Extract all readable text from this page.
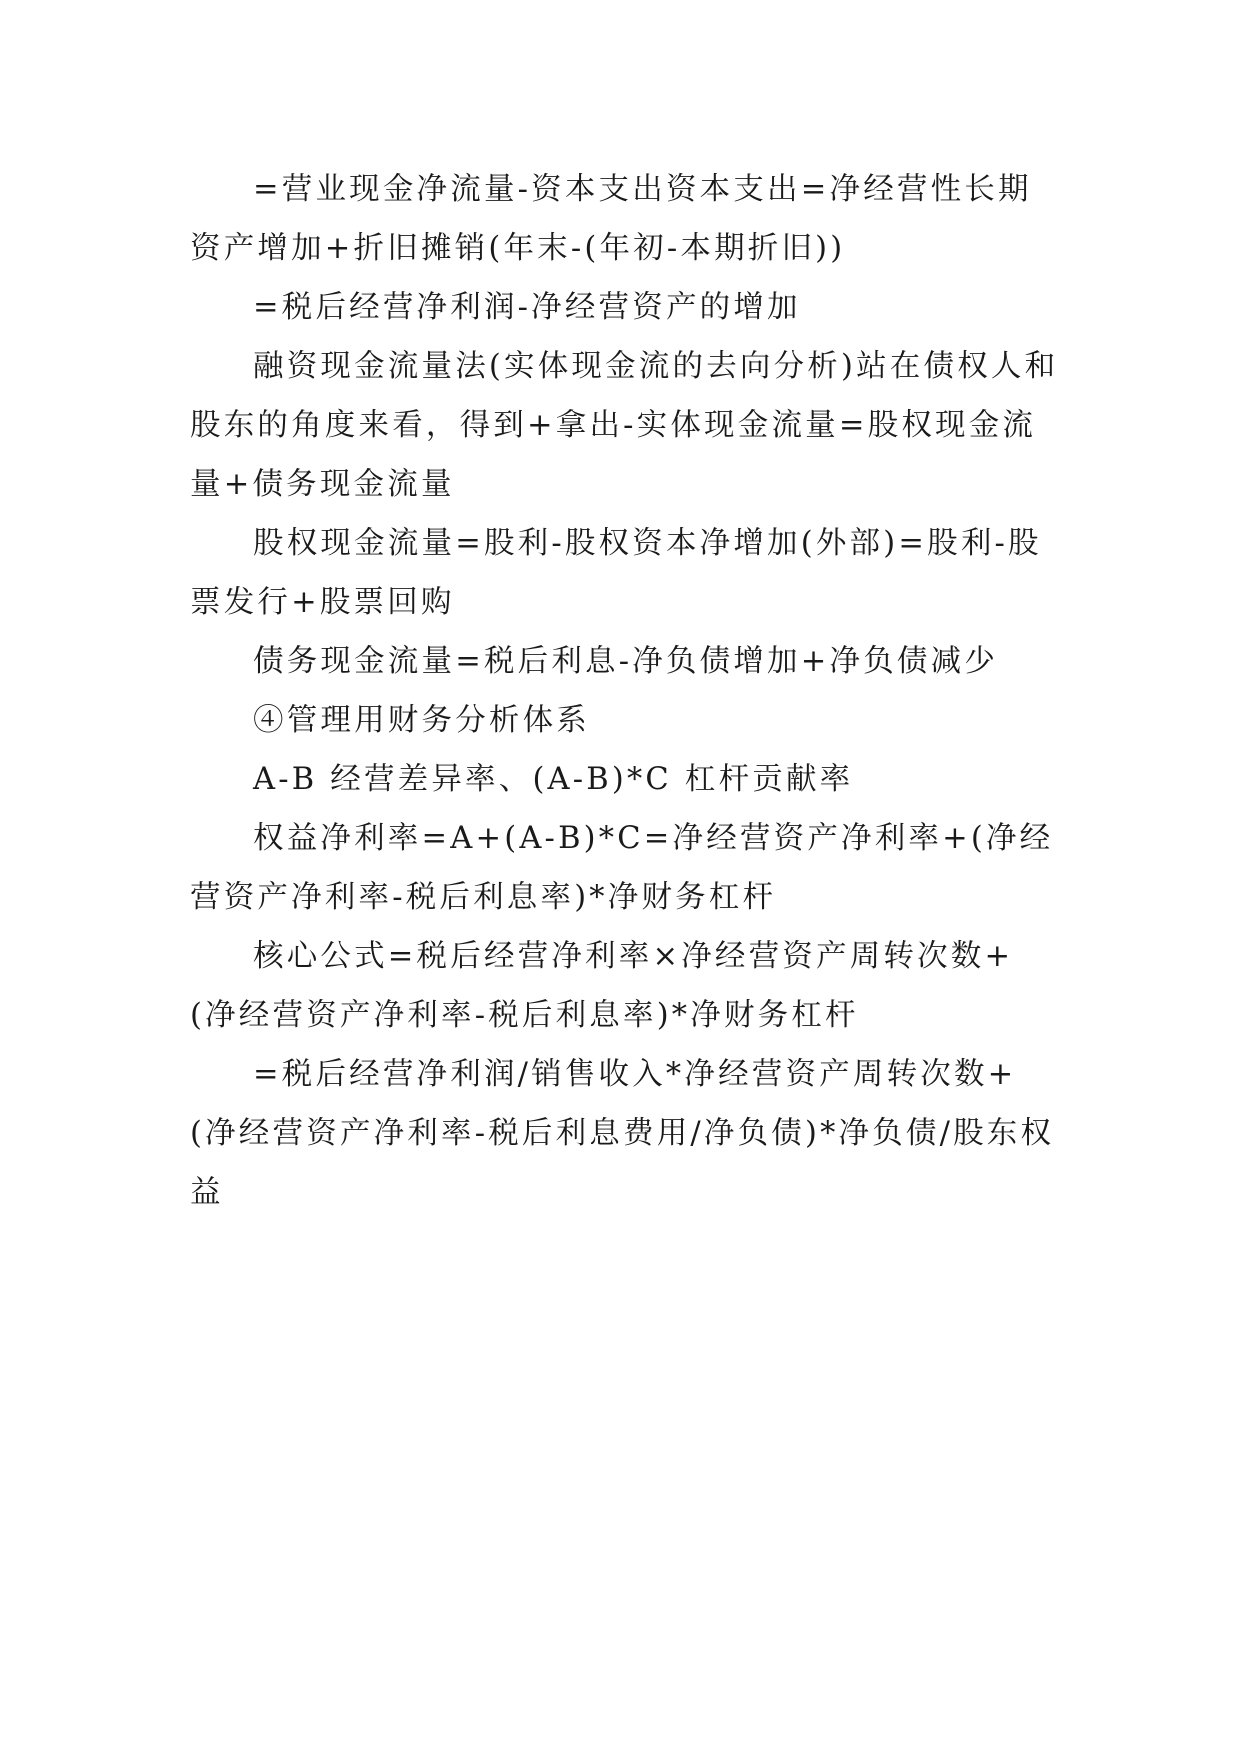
=营业现金净流量-资本支出资本支出=净经营性长期资产增加+折旧摊销(年末-(年初-本期折旧))

=税后经营净利润-净经营资产的增加

融资现金流量法(实体现金流的去向分析)站在债权人和股东的角度来看，得到+拿出-实体现金流量=股权现金流量+债务现金流量

股权现金流量=股利-股权资本净增加(外部)=股利-股票发行+股票回购

债务现金流量=税后利息-净负债增加+净负债减少

④管理用财务分析体系

A-B 经营差异率、(A-B)*C 杠杆贡献率

权益净利率=A+(A-B)*C=净经营资产净利率+(净经营资产净利率-税后利息率)*净财务杠杆

核心公式=税后经营净利率×净经营资产周转次数+(净经营资产净利率-税后利息率)*净财务杠杆

=税后经营净利润/销售收入*净经营资产周转次数+(净经营资产净利率-税后利息费用/净负债)*净负债/股东权益
